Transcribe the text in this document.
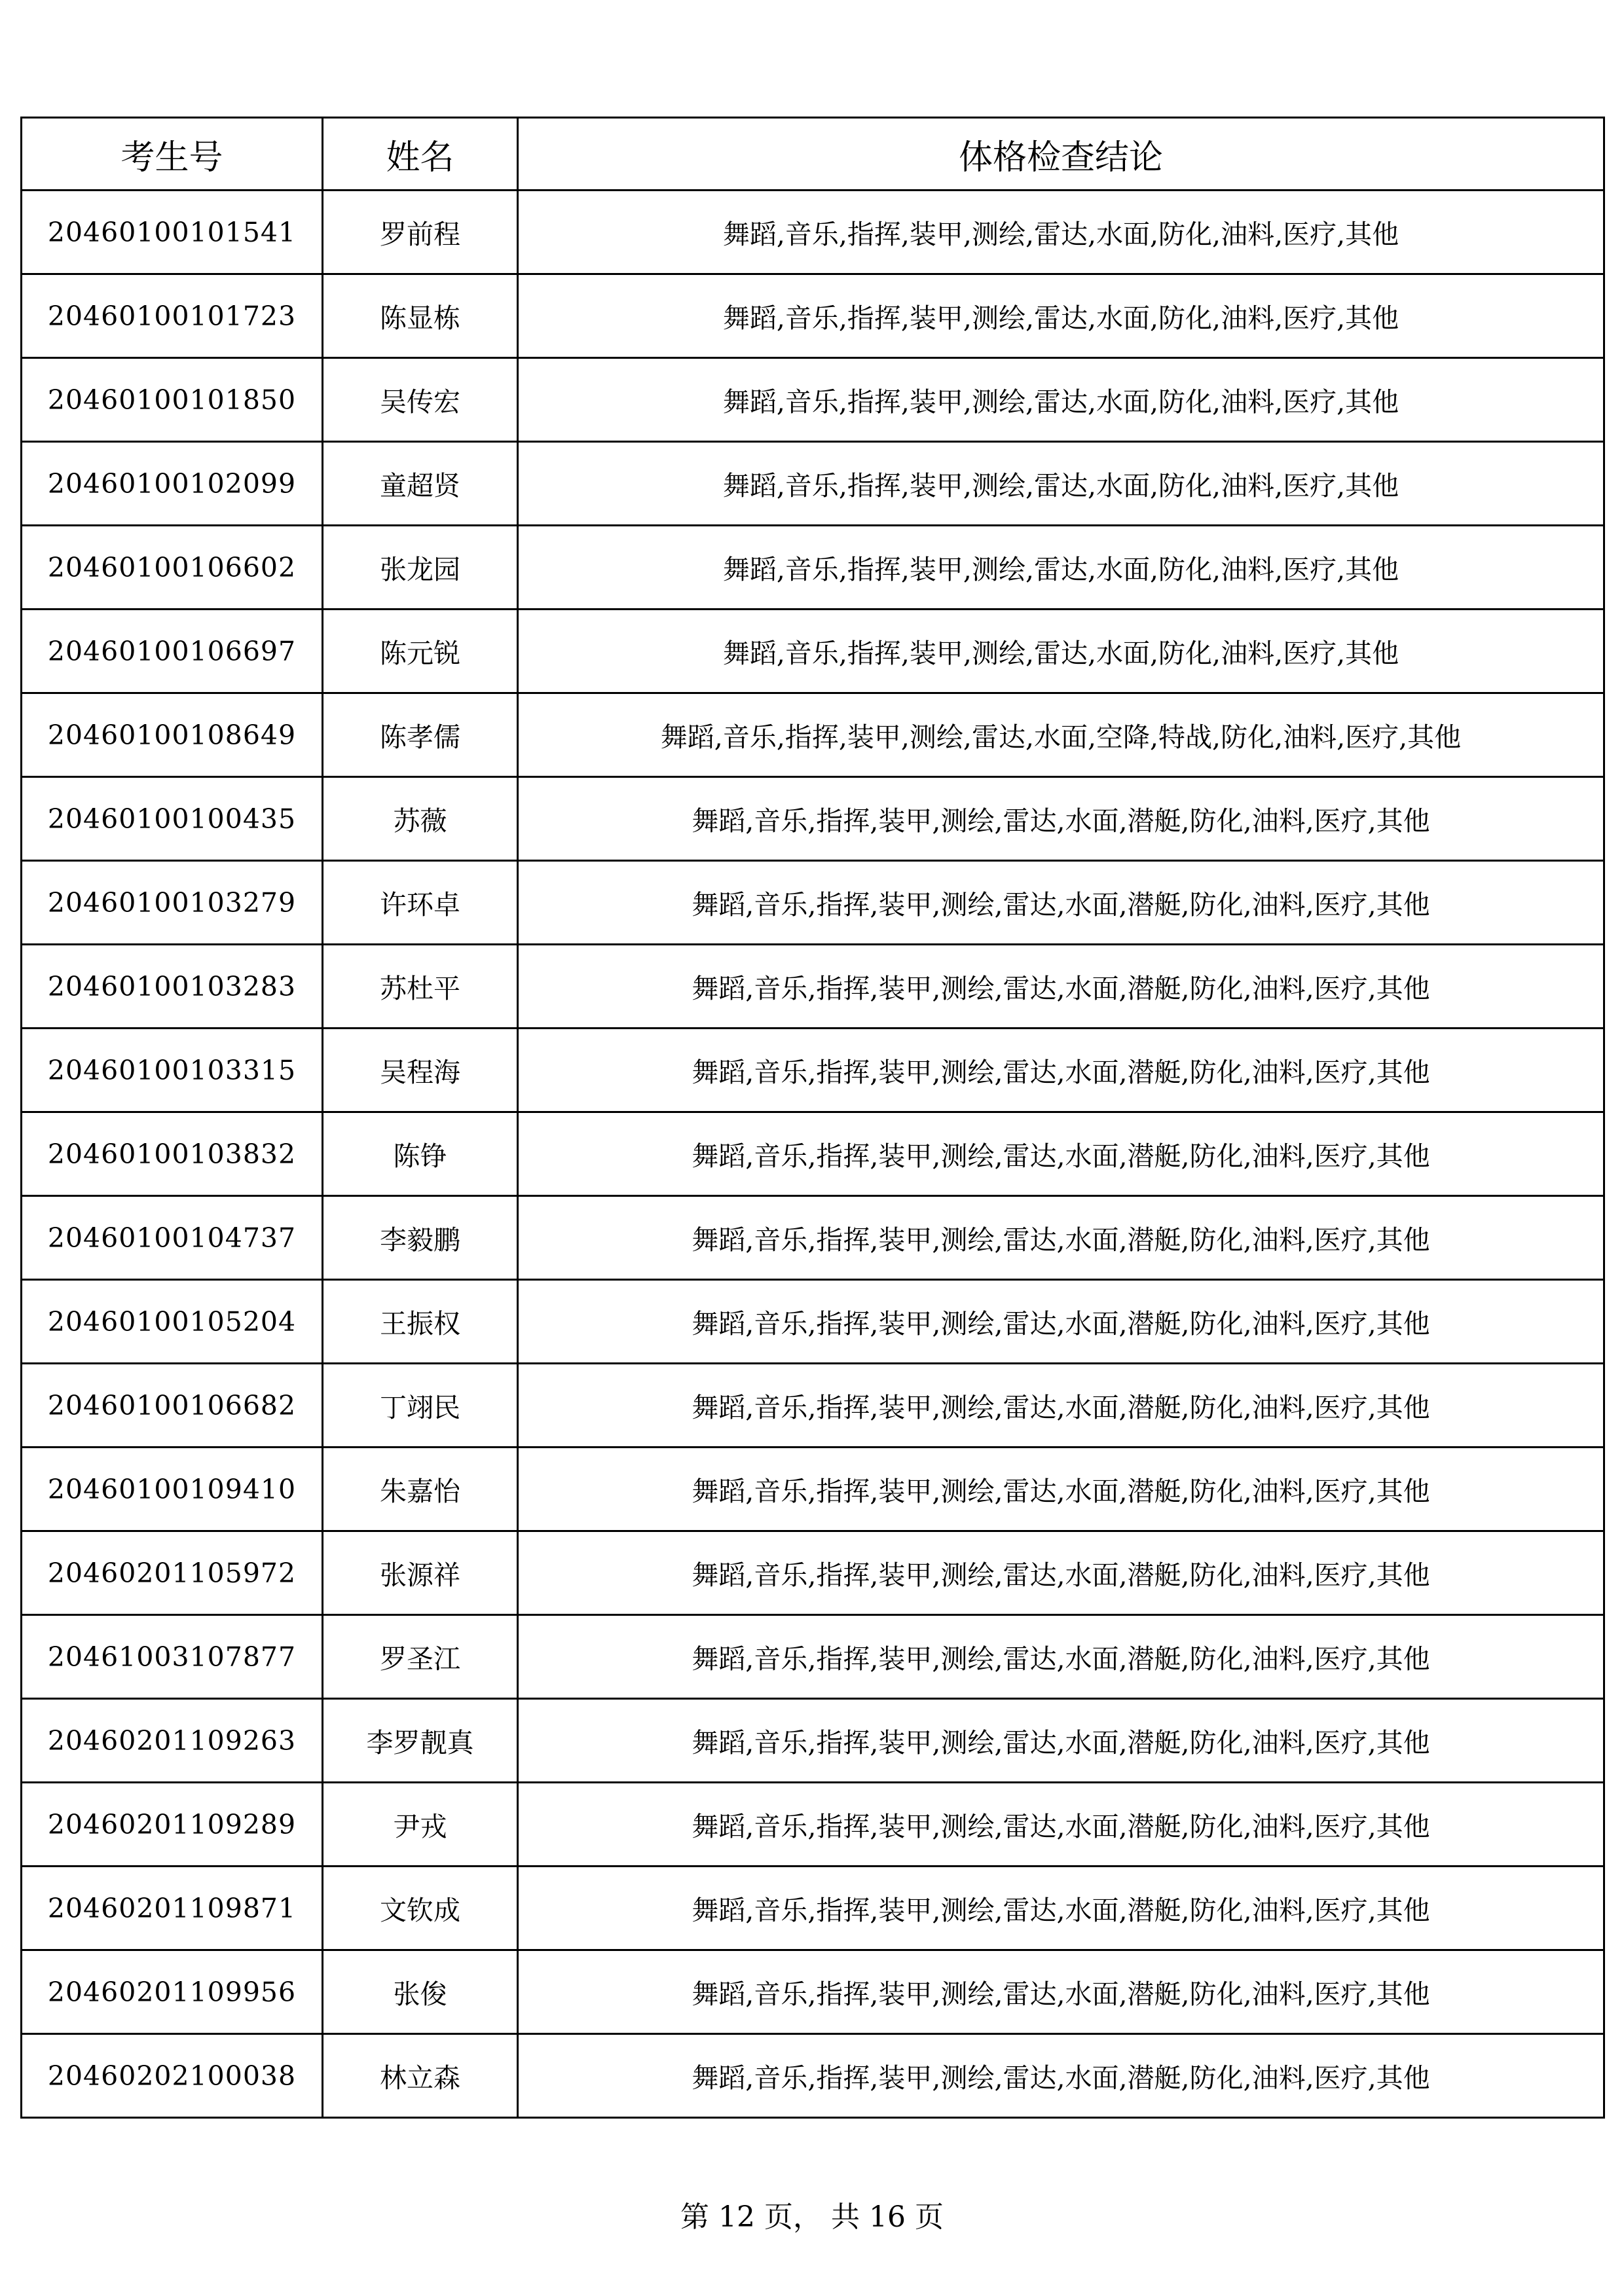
考生号	姓名	体格检查结论
20460100101541	罗前程	舞蹈,音乐,指挥,装甲,测绘,雷达,水面,防化,油料,医疗,其他
20460100101723	陈显栋	舞蹈,音乐,指挥,装甲,测绘,雷达,水面,防化,油料,医疗,其他
20460100101850	吴传宏	舞蹈,音乐,指挥,装甲,测绘,雷达,水面,防化,油料,医疗,其他
20460100102099	童超贤	舞蹈,音乐,指挥,装甲,测绘,雷达,水面,防化,油料,医疗,其他
20460100106602	张龙园	舞蹈,音乐,指挥,装甲,测绘,雷达,水面,防化,油料,医疗,其他
20460100106697	陈元锐	舞蹈,音乐,指挥,装甲,测绘,雷达,水面,防化,油料,医疗,其他
20460100108649	陈孝儒	舞蹈,音乐,指挥,装甲,测绘,雷达,水面,空降,特战,防化,油料,医疗,其他
20460100100435	苏薇	舞蹈,音乐,指挥,装甲,测绘,雷达,水面,潜艇,防化,油料,医疗,其他
20460100103279	许环卓	舞蹈,音乐,指挥,装甲,测绘,雷达,水面,潜艇,防化,油料,医疗,其他
20460100103283	苏杜平	舞蹈,音乐,指挥,装甲,测绘,雷达,水面,潜艇,防化,油料,医疗,其他
20460100103315	吴程海	舞蹈,音乐,指挥,装甲,测绘,雷达,水面,潜艇,防化,油料,医疗,其他
20460100103832	陈铮	舞蹈,音乐,指挥,装甲,测绘,雷达,水面,潜艇,防化,油料,医疗,其他
20460100104737	李毅鹏	舞蹈,音乐,指挥,装甲,测绘,雷达,水面,潜艇,防化,油料,医疗,其他
20460100105204	王振权	舞蹈,音乐,指挥,装甲,测绘,雷达,水面,潜艇,防化,油料,医疗,其他
20460100106682	丁翊民	舞蹈,音乐,指挥,装甲,测绘,雷达,水面,潜艇,防化,油料,医疗,其他
20460100109410	朱嘉怡	舞蹈,音乐,指挥,装甲,测绘,雷达,水面,潜艇,防化,油料,医疗,其他
20460201105972	张源祥	舞蹈,音乐,指挥,装甲,测绘,雷达,水面,潜艇,防化,油料,医疗,其他
20461003107877	罗圣江	舞蹈,音乐,指挥,装甲,测绘,雷达,水面,潜艇,防化,油料,医疗,其他
20460201109263	李罗靓真	舞蹈,音乐,指挥,装甲,测绘,雷达,水面,潜艇,防化,油料,医疗,其他
20460201109289	尹戎	舞蹈,音乐,指挥,装甲,测绘,雷达,水面,潜艇,防化,油料,医疗,其他
20460201109871	文钦成	舞蹈,音乐,指挥,装甲,测绘,雷达,水面,潜艇,防化,油料,医疗,其他
20460201109956	张俊	舞蹈,音乐,指挥,装甲,测绘,雷达,水面,潜艇,防化,油料,医疗,其他
20460202100038	林立森	舞蹈,音乐,指挥,装甲,测绘,雷达,水面,潜艇,防化,油料,医疗,其他
第 12 页， 共 16 页
